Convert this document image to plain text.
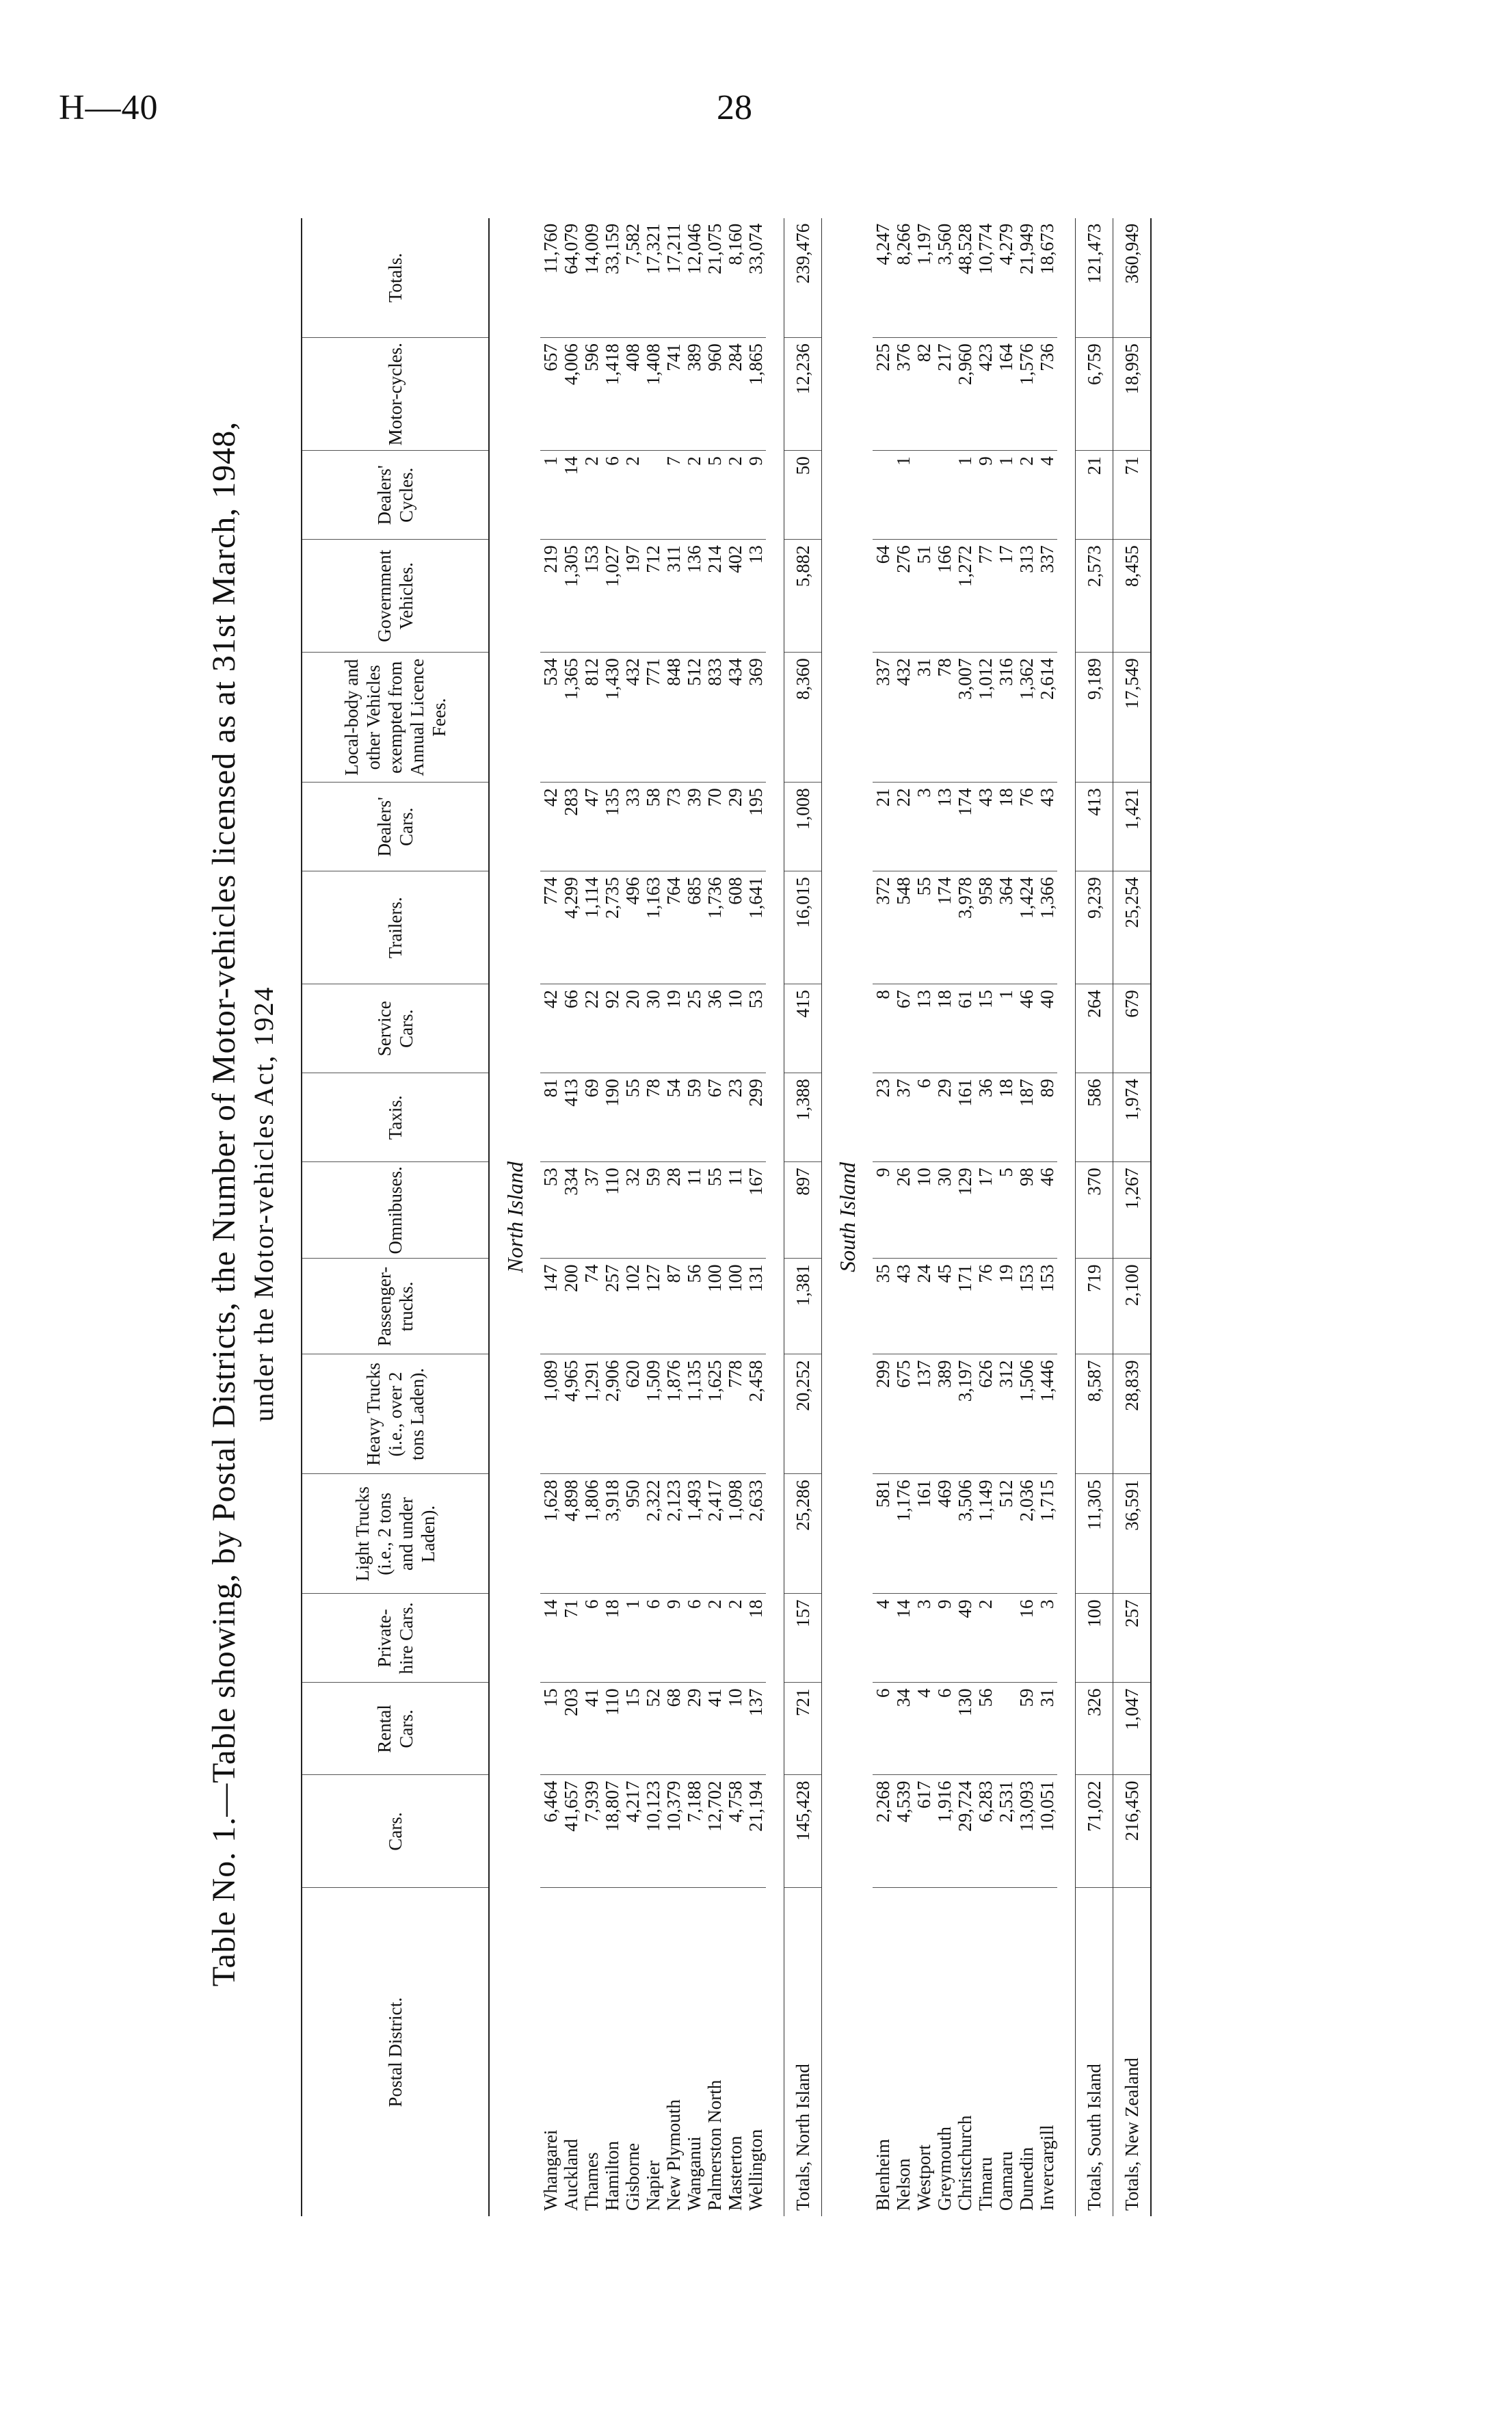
H—40	28
Table No. 1.—Table showing, by Postal Districts, the Number of Motor-vehicles licensed as at 31st March, 1948, under the Motor-vehicles Act, 1924
Postal District.	Cars.	Rental Cars.	Private-hire Cars.	Light Trucks (i.e., 2 tons and under Laden).	Heavy Trucks (i.e., over 2 tons Laden).	Passenger-trucks.	Omnibuses.	Taxis.	Service Cars.	Trailers.	Dealers' Cars.	Local-body and other Vehicles exempted from Annual Licence Fees.	Government Vehicles.	Dealers' Cycles.	Motor-cycles.	Totals.
North Island																
Whangarei	6,464	15	14	1,628	1,089	147	53	81	42	774	42	534	219	1	657	11,760
Auckland	41,657	203	71	4,898	4,965	200	334	413	66	4,299	283	1,365	1,305	14	4,006	64,079
Thames	7,939	41	6	1,806	1,291	74	37	69	22	1,114	47	812	153	2	596	14,009
Hamilton	18,807	110	18	3,918	2,906	257	110	190	92	2,735	135	1,430	1,027	6	1,418	33,159
Gisborne	4,217	15	1	950	620	102	32	55	20	496	33	432	197	2	408	7,582
Napier	10,123	52	6	2,322	1,509	127	59	78	30	1,163	58	771	712		1,408	17,321
New Plymouth	10,379	68	9	2,123	1,876	87	28	54	19	764	73	848	311	7	741	17,211
Wanganui	7,188	29	6	1,493	1,135	56	11	59	25	685	39	512	136	2	389	12,046
Palmerston North	12,702	41	2	2,417	1,625	100	55	67	36	1,736	70	833	214	5	960	21,075
Masterton	4,758	10	2	1,098	778	100	11	23	10	608	29	434	402	2	284	8,160
Wellington	21,194	137	18	2,633	2,458	131	167	299	53	1,641	195	369	13	9	1,865	33,074

Totals, North Island	145,428	721	157	25,286	20,252	1,381	897	1,388	415	16,015	1,008	8,360	5,882	50	12,236	239,476
South Island																
Blenheim	2,268	6	4	581	299	35	9	23	8	372	21	337	64		225	4,247
Nelson	4,539	34	14	1,176	675	43	26	37	67	548	22	432	276	1	376	8,266
Westport	617	4	3	161	137	24	10	6	13	55	3	31	51		82	1,197
Greymouth	1,916	6	9	469	389	45	30	29	18	174	13	78	166		217	3,560
Christchurch	29,724	130	49	3,506	3,197	171	129	161	61	3,978	174	3,007	1,272	1	2,960	48,528
Timaru	6,283	56	2	1,149	626	76	17	36	15	958	43	1,012	77	9	423	10,774
Oamaru	2,531			512	312	19	5	18	1	364	18	316	17	1	164	4,279
Dunedin	13,093	59	16	2,036	1,506	153	98	187	46	1,424	76	1,362	313	2	1,576	21,949
Invercargill	10,051	31	3	1,715	1,446	153	46	89	40	1,366	43	2,614	337	4	736	18,673

Totals, South Island	71,022	326	100	11,305	8,587	719	370	586	264	9,239	413	9,189	2,573	21	6,759	121,473
Totals, New Zealand	216,450	1,047	257	36,591	28,839	2,100	1,267	1,974	679	25,254	1,421	17,549	8,455	71	18,995	360,949
